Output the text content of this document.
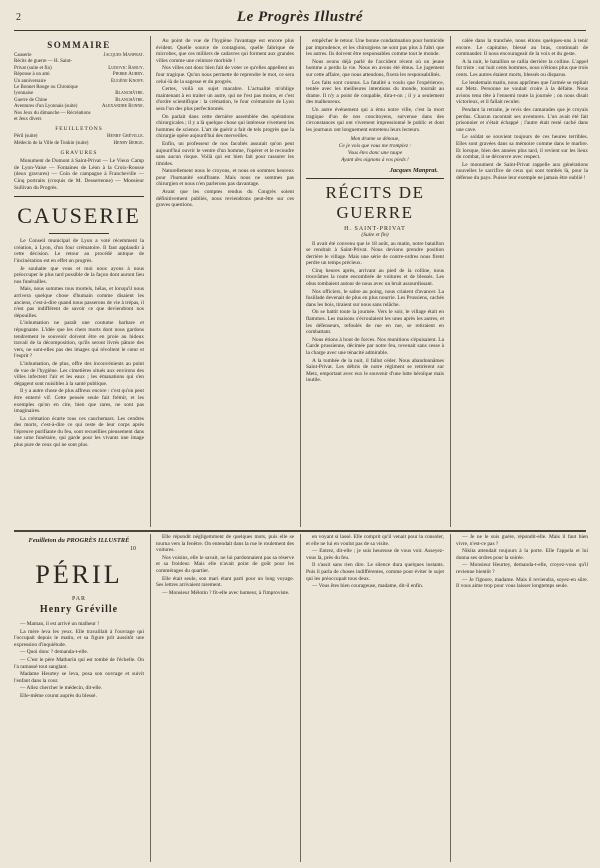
2	Le Progrès Illustré
SOMMAIRE
Causerie	Jacques Manprat.
Récits de guerre — H. Saint-
Privat (suite et fin)	Ludovic Rabuy.
Réponse à un ami	Pierre Aubry.
Un anniversaire	Eugène Knoff.
Le Bonnet Rouge ou Chronique
lyonnaise	Blanchâtre.
Guerre de Chine	Blanchâtre.
Aventures d'un Lyonnais (suite)	Alexandre Bonne.
Nos Jeux du dimanche — Récréations
et Jeux divers
FEUILLETONS
Péril (suite)	Henry Gréville.
Médecin de la Ville de Tonkin (suite)	Henry Berge.
GRAVURES
Monument de Dumont à Saint-Privat — Le Vieux Camp de Lyon-Vaise — Fontaines de Léon à la Croix-Rousse (deux gravures) — Coin de campagne à Francheville — Cinq portraits (croquis de M. Dessertenne) — Monsieur Sullivan du Progrès.
CAUSERIE

Le Conseil municipal de Lyon a voté récemment la création, à Lyon, d'un four crématoire. Il faut applaudir à cette décision. Le retour au procédé antique de l'incinération est en effet un progrès.

Je souhaite que vous et moi nous ayons à nous préoccuper le plus tard possible de la façon dont auront lieu nos funérailles.

Mais, nous sommes tous mortels, hélas, et lorsqu'il nous arrivera quelque chose d'humain comme disaient les anciens, c'est-à-dire quand nous passerons de vie à trépas, il n'est pas indifférent de savoir ce que deviendront nos dépouilles.

L'inhumation ne paraît une coutume barbare et répugnante. L'idée que les chers morts dont nous gardons tendrement le souvenir doivent être en proie au hideux travail de la décomposition, qu'ils seront livrés pâture des vers, ne sont-elles pas des images qui révoltent le cœur et l'esprit ?

L'inhumation, de plus, offre des inconvénients au point de vue de l'hygiène. Les cimetières situés aux environs des villes infectent l'air et les eaux ; les émanations qui s'en dégagent sont nuisibles à la santé publique.

Il y a autre chose de plus affreux encore : c'est qu'on peut être enterré vif. Cette pensée seule fait frémir, et les exemples qu'on en cite, bien que rares, ne sont pas imaginaires.

La crémation écarte tous ces cauchemars. Les cendres des morts, c'est-à-dire ce qui reste de leur corps après l'épreuve purifiante du feu, sont recueillies pieusement dans une urne funéraire, qui garde pour les vivants une image plus pure de ceux qui ne sont plus.

Au point de vue de l'hygiène l'avantage est encore plus évident. Quelle source de contagions, quelle fabrique de microbes, que ces milliers de cadavres qui forment aux grandes villes comme une ceinture morbide !

Nos villes ont donc bien fait de voter ce qu'elles appellent un four tragique. Qu'on nous permette de reprendre le mot, ce sera celui-là de la sagesse et du progrès.

Certes, voilà un sujet macabre. L'actualité m'oblige maintenant à en traiter un autre, qui ne l'est pas moins, et c'est d'ordre scientifique : la crémation, le four crématoire de Lyon sera l'un des plus perfectionnés.

On parlait dans cette dernière assemblée des opérations chirurgicales ; il y a là quelque chose qui intéresse vivement les hommes de science. L'art de guérir a fait de tels progrès que la chirurgie opère aujourd'hui des merveilles.

Enfin, un professeur de nos facultés assurait qu'on peut aujourd'hui ouvrir le ventre d'un homme, l'opérer et le recoudre sans aucun risque. Voilà qui est bien fait pour rassurer les timides.

Naturellement nous le croyons, et nous en sommes heureux pour l'humanité souffrante. Mais nous ne sommes pas chirurgien et nous n'en parlerons pas davantage.

Avant que les comptes rendus du Congrès soient définitivement publiés, nous reviendrons peut-être sur ces graves questions.

empêcher le retour. Une bonne condamnation pour homicide par imprudence, et les chirurgiens ne sont pas plus à l'abri que les autres. Ils doivent être responsables comme tout le monde.

Nous avons déjà parlé de l'accident récent où un jeune homme a perdu la vie. Nous en avons été émus. Le jugement sur cette affaire, que nous attendons, fixera les responsabilités.

Les faits sont connus. La fatalité a voulu que l'expérience, tentée avec les meilleures intentions du monde, tournât au drame. Il n'y a point de coupable, dira-t-on ; il y a seulement des malheureux.

Un autre événement qui a ému notre ville, c'est la mort tragique d'un de nos concitoyens, survenue dans des circonstances qui ont vivement impressionné le public et dont les journaux ont longuement entretenu leurs lecteurs.

Mon drame se dénoue,
Ce je vois que vous me trompiez :
Vous êtes donc une taupe
Ayant des oignons à vos pieds !
Jacques Manprat.
RÉCITS DE GUERRE
H. SAINT-PRIVAT
(Suite et fin)

Il avait été convenu que le 18 août, au matin, notre bataillon se rendrait à Saint-Privat. Nous devions prendre position derrière le village. Mais une série de contre-ordres nous firent perdre un temps précieux.

Cinq heures après, arrivant au pied de la colline, nous trouvâmes la route encombrée de voitures et de blessés. Les obus tombaient autour de nous avec un bruit assourdissant.

Nos officiers, le sabre au poing, nous criaient d'avancer. La fusillade devenait de plus en plus nourrie. Les Prussiens, cachés dans les bois, tiraient sur nous sans relâche.

On se battit toute la journée. Vers le soir, le village était en flammes. Les maisons s'écroulaient les unes après les autres, et les défenseurs, refoulés de rue en rue, se retiraient en combattant.

Nous étions à bout de forces. Nos munitions s'épuisaient. La Garde prussienne, décimée par notre feu, revenait sans cesse à la charge avec une ténacité admirable.

A la tombée de la nuit, il fallut céder. Nous abandonnâmes Saint-Privat. Les débris de notre régiment se retirèrent sur Metz, emportant avec eux le souvenir d'une lutte héroïque mais inutile.

calée dans la tranchée, nous étions quelques-uns à tenir encore. Le capitaine, blessé au bras, continuait de commander. Il nous encourageait de la voix et du geste.

A la nuit, le bataillon se rallia derrière la colline. L'appel fut triste : sur huit cents hommes, nous n'étions plus que trois cents. Les autres étaient morts, blessés ou disparus.

Le lendemain matin, nous apprîmes que l'armée se repliait sur Metz. Personne ne voulait croire à la défaite. Nous avions tenu tête à l'ennemi toute la journée ; on nous disait victorieux, et il fallait reculer.

Pendant la retraite, je revis des camarades que je croyais perdus. Chacun racontait ses aventures. L'un avait été fait prisonnier et s'était échappé ; l'autre était resté caché dans une cave.

Le soldat se souvient toujours de ces heures terribles. Elles sont gravées dans sa mémoire comme dans le marbre. Et lorsque, bien des années plus tard, il revient sur les lieux du combat, il se découvre avec respect.

Le monument de Saint-Privat rappelle aux générations nouvelles le sacrifice de ceux qui sont tombés là, pour la défense du pays. Puisse leur exemple ne jamais être oublié !

Feuilleton du PROGRÈS ILLUSTRÉ
10
PÉRIL
PAR
Henry Gréville

— Maman, il est arrivé un malheur !

La mère leva les yeux. Elle travaillait à l'ouvrage qui l'occupait depuis le matin, et sa figure prit aussitôt une expression d'inquiétude.

— Quoi donc ? demanda-t-elle.

— C'est le père Mathurin qui est tombé de l'échelle. On l'a ramassé tout sanglant.

Madame Heurtey se leva, posa son ouvrage et suivit l'enfant dans la cour.

— Allez chercher le médecin, dit-elle.

Elle-même courut auprès du blessé.

Elle répondit négligemment de quelques mots, puis elle se tourna vers la fenêtre. On entendait dans la rue le roulement des voitures.

Nos voisins, elle le savait, ne lui pardonnaient pas sa réserve et sa froideur. Mais elle n'avait point de goût pour les commérages du quartier.

Elle était seule, son mari étant parti pour un long voyage. Ses lettres arrivaient rarement.

— Monsieur Mélotin ? fit-elle avec humeur, à l'improviste.

en voyant si lassé. Elle comprit qu'il venait pour la consoler, et elle ne lui en voulut pas de sa visite.

— Entrez, dit-elle ; je suis heureuse de vous voir. Asseyez-vous là, près du feu.

Il s'assit sans rien dire. Le silence dura quelques instants. Puis il parla de choses indifférentes, comme pour éviter le sujet qui les préoccupait tous deux.

— Vous êtes bien courageuse, madame, dit-il enfin.

— Je ne le suis guère, répondit-elle. Mais il faut bien vivre, n'est-ce pas ?

Nikita attendait toujours à la porte. Elle l'appela et lui donna ses ordres pour la soirée.

— Monsieur Heurtey, demanda-t-elle, croyez-vous qu'il revienne bientôt ?

— Je l'ignore, madame. Mais il reviendra, soyez-en sûre. Il vous aime trop pour vous laisser longtemps seule.
